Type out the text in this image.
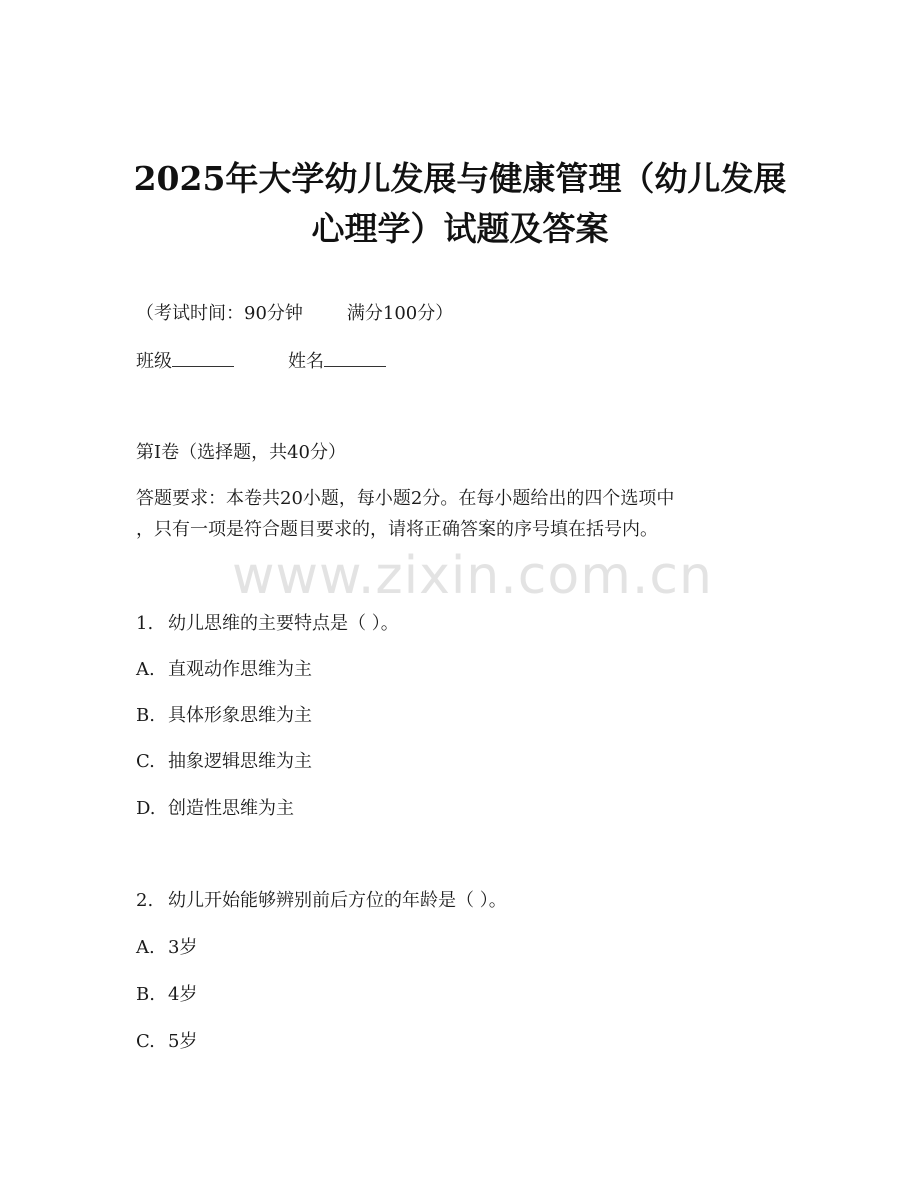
2025年大学幼儿发展与健康管理（幼儿发展
心理学）试题及答案
（考试时间：90分钟 满分100分）
班级	姓名
第I卷（选择题，共40分）
答题要求：本卷共20小题，每小题2分。在每小题给出的四个选项中
，只有一项是符合题目要求的，请将正确答案的序号填在括号内。
www.zixin.com.cn
1. 幼儿思维的主要特点是（ ）。
A. 直观动作思维为主
B. 具体形象思维为主
C. 抽象逻辑思维为主
D. 创造性思维为主
2. 幼儿开始能够辨别前后方位的年龄是（ ）。
A. 3岁
B. 4岁
C. 5岁
